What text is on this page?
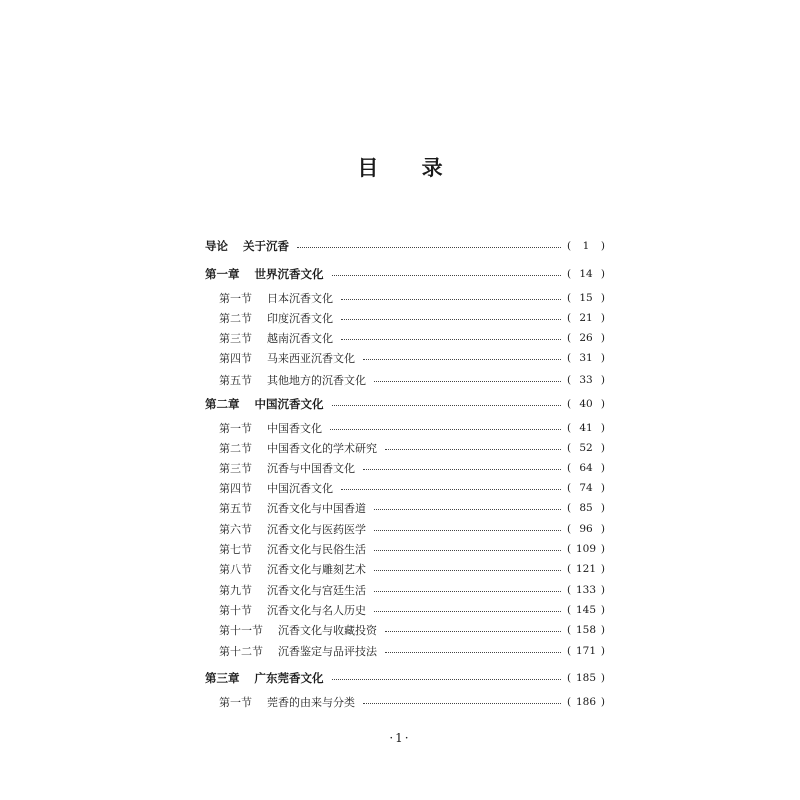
目 录
导论 关于沉香	(	1	)
第一章 世界沉香文化	( 14 )
第一节 日本沉香文化	( 15 )
第二节 印度沉香文化	( 21 )
第三节 越南沉香文化	( 26 )
第四节 马来西亚沉香文化	( 31 )
第五节 其他地方的沉香文化	( 33 )
第二章 中国沉香文化	( 40 )
第一节 中国香文化	( 41 )
第二节 中国香文化的学术研究	( 52 )
第三节 沉香与中国香文化	( 64 )
第四节 中国沉香文化	( 74 )
第五节 沉香文化与中国香道	( 85 )
第六节 沉香文化与医药医学	( 96 )
第七节 沉香文化与民俗生活	( 109 )
第八节 沉香文化与雕刻艺术	( 121 )
第九节 沉香文化与宫廷生活	( 133 )
第十节 沉香文化与名人历史	( 145 )
第十一节 沉香文化与收藏投资	( 158 )
第十二节 沉香鉴定与品评技法	( 171 )
第三章 广东莞香文化	( 185 )
第一节 莞香的由来与分类	( 186 )
·1·
